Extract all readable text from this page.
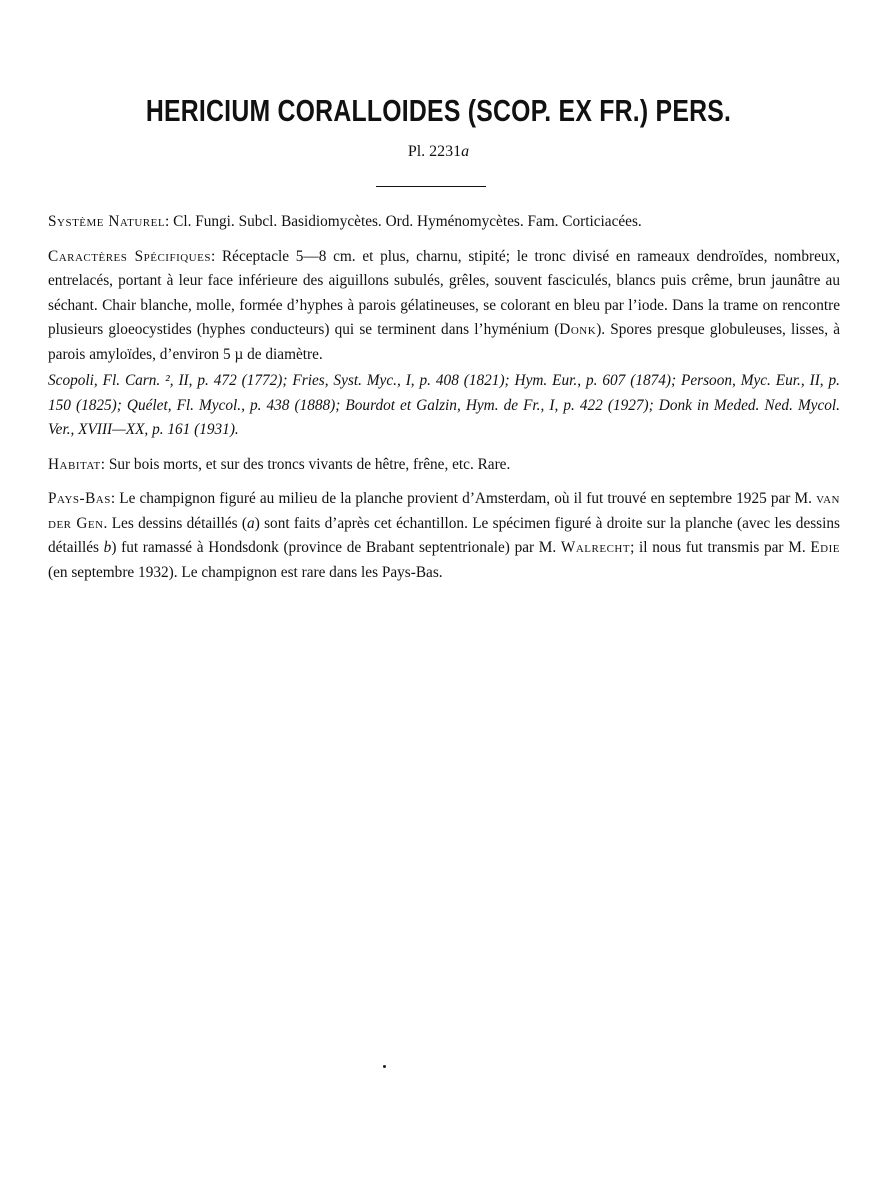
HERICIUM CORALLOIDES (SCOP. EX FR.) PERS.
Pl. 2231a

Système Naturel: Cl. Fungi. Subcl. Basidiomycètes. Ord. Hyménomycètes. Fam. Corticiacées.

Caractères Spécifiques: Réceptacle 5—8 cm. et plus, charnu, stipité; le tronc divisé en rameaux dendroïdes, nombreux, entrelacés, portant à leur face inférieure des aiguillons subulés, grêles, souvent fasciculés, blancs puis crême, brun jaunâtre au séchant. Chair blanche, molle, formée d’hyphes à parois gélatineuses, se colorant en bleu par l’iode. Dans la trame on rencontre plusieurs gloeocystides (hyphes conducteurs) qui se terminent dans l’hyménium (Donk). Spores presque globuleuses, lisses, à parois amyloïdes, d’environ 5 µ de diamètre.

Scopoli, Fl. Carn. ², II, p. 472 (1772); Fries, Syst. Myc., I, p. 408 (1821); Hym. Eur., p. 607 (1874); Persoon, Myc. Eur., II, p. 150 (1825); Quélet, Fl. Mycol., p. 438 (1888); Bourdot et Galzin, Hym. de Fr., I, p. 422 (1927); Donk in Meded. Ned. Mycol. Ver., XVIII—XX, p. 161 (1931).

Habitat: Sur bois morts, et sur des troncs vivants de hêtre, frêne, etc. Rare.

Pays-Bas: Le champignon figuré au milieu de la planche provient d’Amsterdam, où il fut trouvé en septembre 1925 par M. van der Gen. Les dessins détaillés (a) sont faits d’après cet échantillon. Le spécimen figuré à droite sur la planche (avec les dessins détaillés b) fut ramassé à Hondsdonk (province de Brabant septentrionale) par M. Walrecht; il nous fut transmis par M. Edie (en septembre 1932). Le champignon est rare dans les Pays-Bas.
